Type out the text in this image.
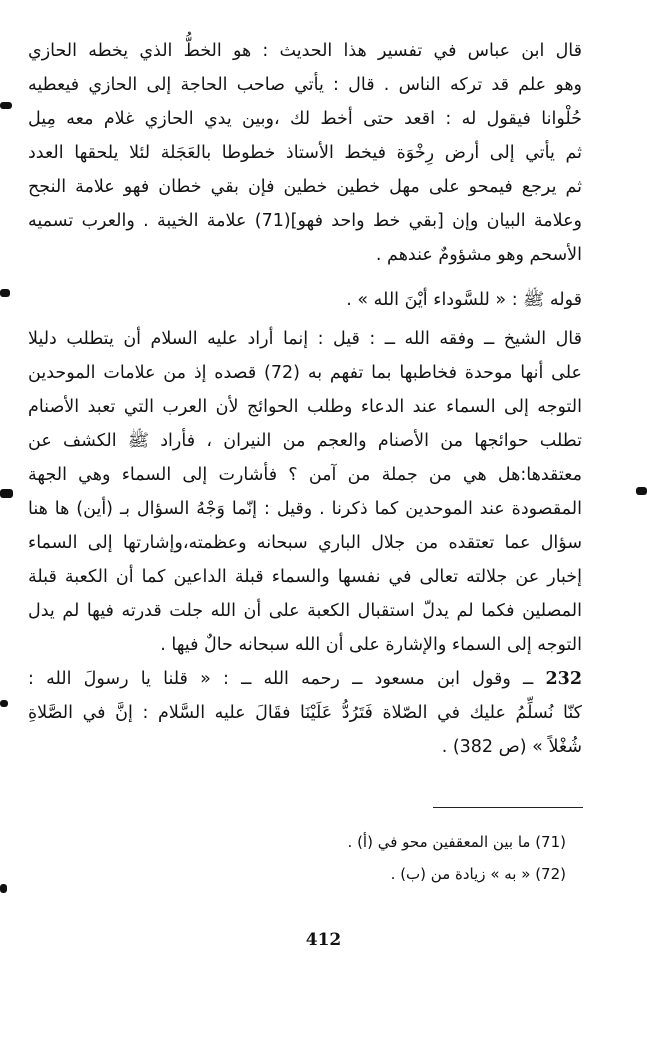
قال ابن عباس في تفسير هذا الحديث : هو الخطُّ الذي يخطه الحازي
وهو علم قد تركه الناس . قال : يأتي صاحب الحاجة إلى الحازي فيعطيه
حُلْوانا فيقول له : اقعد حتى أخط لك ،وبين يدي الحازي غلام معه مِيل
ثم يأتي إلى أرض رِخْوَة فيخط الأستاذ خطوطا بالعَجَلة لئلا يلحقها العدد
ثم يرجع فيمحو على مهل خطين خطين فإن بقي خطان فهو علامة النجح
وعلامة البيان وإن [بقي خط واحد فهو](71) علامة الخيبة . والعرب تسميه
الأسحم وهو مشؤومٌ عندهم .
قوله ﷺ : « للسَّوداء أيْنَ الله » .
قال الشيخ ــ وفقه الله ــ : قيل : إنما أراد عليه السلام أن يتطلب دليلا
على أنها موحدة فخاطبها بما تفهم به (72) قصده إذ من علامات الموحدين
التوجه إلى السماء عند الدعاء وطلب الحوائج لأن العرب التي تعبد الأصنام
تطلب حوائجها من الأصنام والعجم من النيران ، فأراد ﷺ الكشف عن
معتقدها:هل هي من جملة من آمن ؟ فأشارت إلى السماء وهي الجهة
المقصودة عند الموحدين كما ذكرنا . وقيل : إنّما وَجْهُ السؤال بـ (أين) ها هنا
سؤال عما تعتقده من جلال الباري سبحانه وعظمته،وإشارتها إلى السماء
إخبار عن جلالته تعالى في نفسها والسماء قبلة الداعين كما أن الكعبة قبلة
المصلين فكما لم يدلّ استقبال الكعبة على أن الله جلت قدرته فيها لم يدل
التوجه إلى السماء والإشارة على أن الله سبحانه حالٌ فيها .
232 ــ وقول ابن مسعود ــ رحمه الله ــ : « قلنا يا رسولَ الله :
كنّا نُسلِّمُ عليك في الصّلاة فَتَرُدُّ عَلَيْنَا فقَالَ عليه السَّلام : إنَّ في الصَّلاةِ
شُغْلاً » (ص 382) .
(71) ما بين المعقفين محو في (أ) .
(72) « به » زيادة من (ب) .
412
